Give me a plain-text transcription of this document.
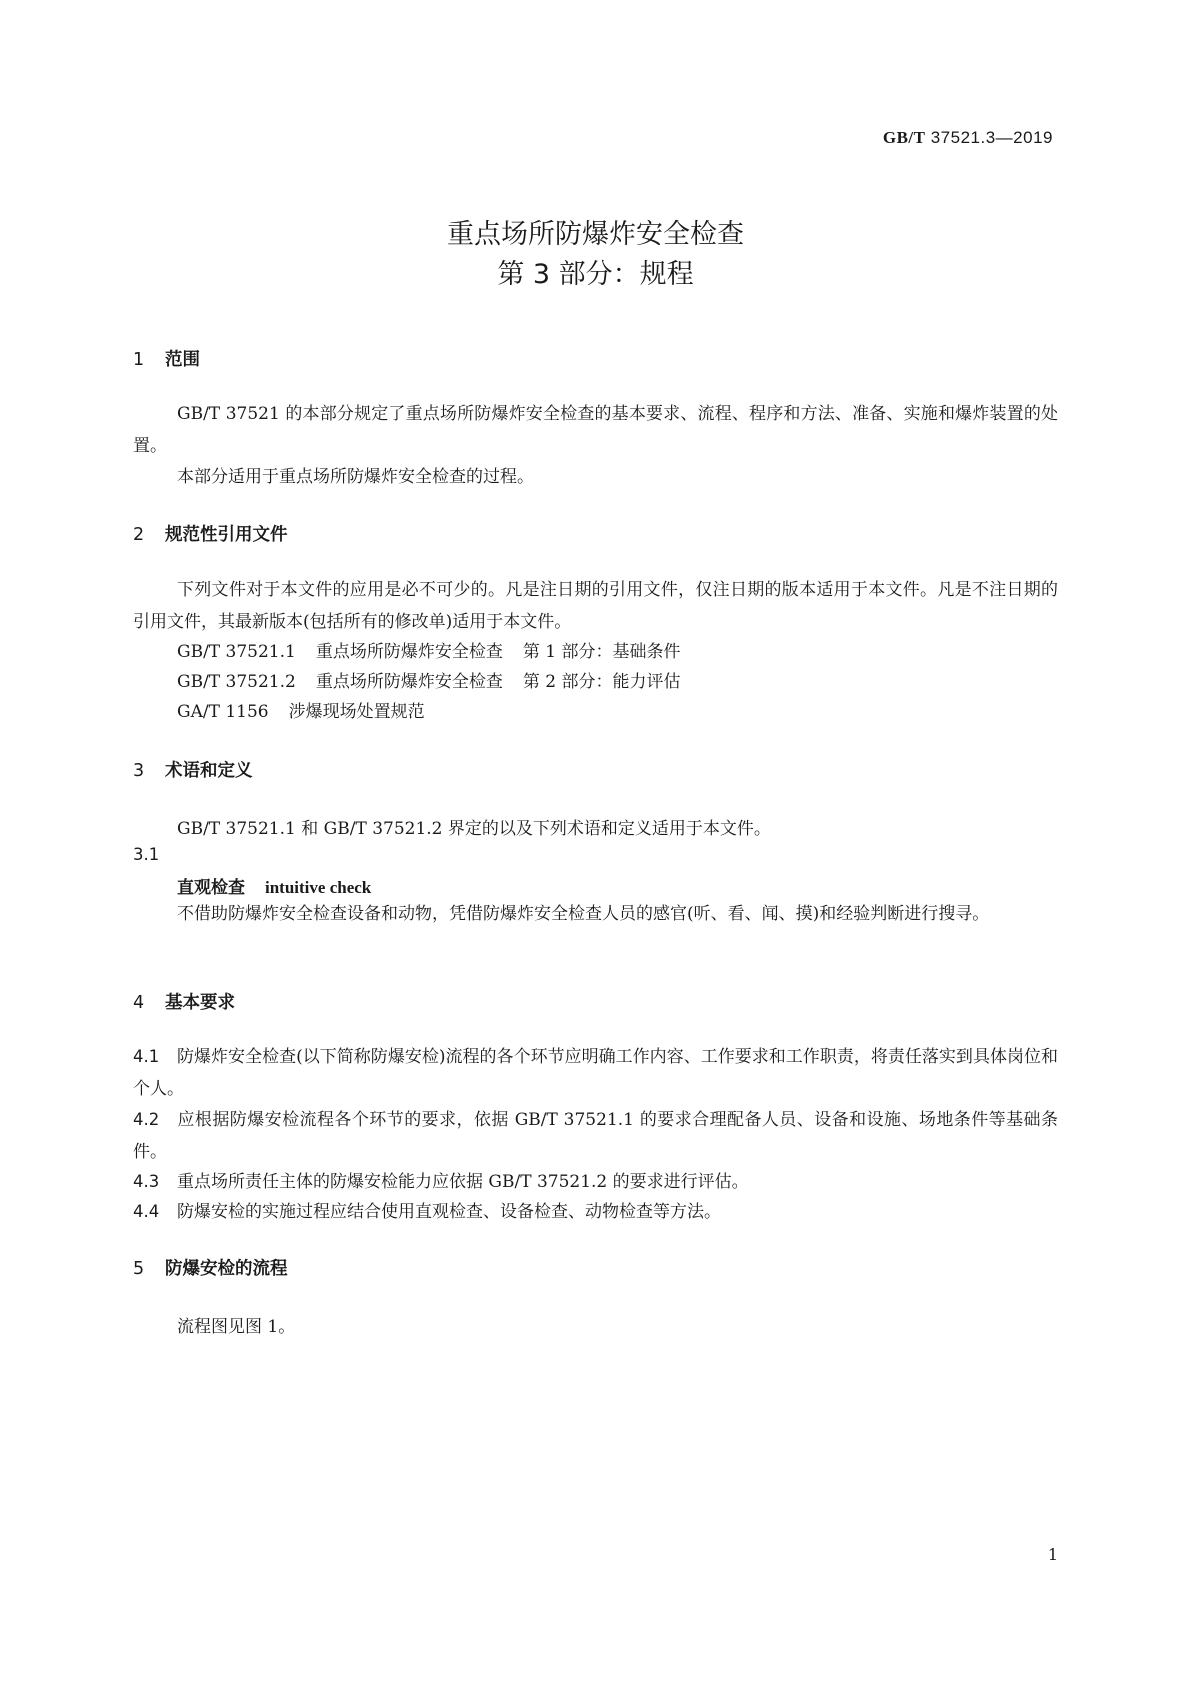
GB/T 37521.3—2019
重点场所防爆炸安全检查
第 3 部分：规程
1 范围
GB/T 37521 的本部分规定了重点场所防爆炸安全检查的基本要求、流程、程序和方法、准备、实施和爆炸装置的处置。
本部分适用于重点场所防爆炸安全检查的过程。
2 规范性引用文件
下列文件对于本文件的应用是必不可少的。凡是注日期的引用文件，仅注日期的版本适用于本文件。凡是不注日期的引用文件，其最新版本(包括所有的修改单)适用于本文件。
GB/T 37521.1 重点场所防爆炸安全检查 第 1 部分：基础条件
GB/T 37521.2 重点场所防爆炸安全检查 第 2 部分：能力评估
GA/T 1156 涉爆现场处置规范
3 术语和定义
GB/T 37521.1 和 GB/T 37521.2 界定的以及下列术语和定义适用于本文件。
3.1
直观检查 intuitive check
不借助防爆炸安全检查设备和动物，凭借防爆炸安全检查人员的感官(听、看、闻、摸)和经验判断进行搜寻。
4 基本要求
4.1 防爆炸安全检查(以下简称防爆安检)流程的各个环节应明确工作内容、工作要求和工作职责，将责任落实到具体岗位和个人。
4.2 应根据防爆安检流程各个环节的要求，依据 GB/T 37521.1 的要求合理配备人员、设备和设施、场地条件等基础条件。
4.3 重点场所责任主体的防爆安检能力应依据 GB/T 37521.2 的要求进行评估。
4.4 防爆安检的实施过程应结合使用直观检查、设备检查、动物检查等方法。
5 防爆安检的流程
流程图见图 1。
1
